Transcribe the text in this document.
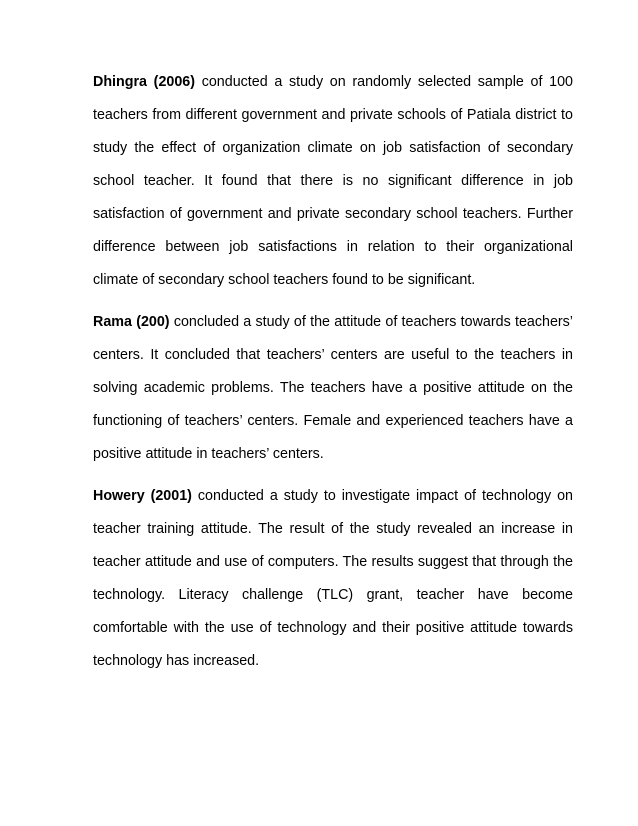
Dhingra (2006) conducted a study on randomly selected sample of 100 teachers from different government and private schools of Patiala district to study the effect of organization climate on job satisfaction of secondary school teacher. It found that there is no significant difference in job satisfaction of government and private secondary school teachers. Further difference between job satisfactions in relation to their organizational climate of secondary school teachers found to be significant.

Rama (200) concluded a study of the attitude of teachers towards teachers’ centers. It concluded that teachers’ centers are useful to the teachers in solving academic problems. The teachers have a positive attitude on the functioning of teachers’ centers. Female and experienced teachers have a positive attitude in teachers’ centers.

Howery (2001) conducted a study to investigate impact of technology on teacher training attitude. The result of the study revealed an increase in teacher attitude and use of computers. The results suggest that through the technology. Literacy challenge (TLC) grant, teacher have become comfortable with the use of technology and their positive attitude towards technology has increased.
